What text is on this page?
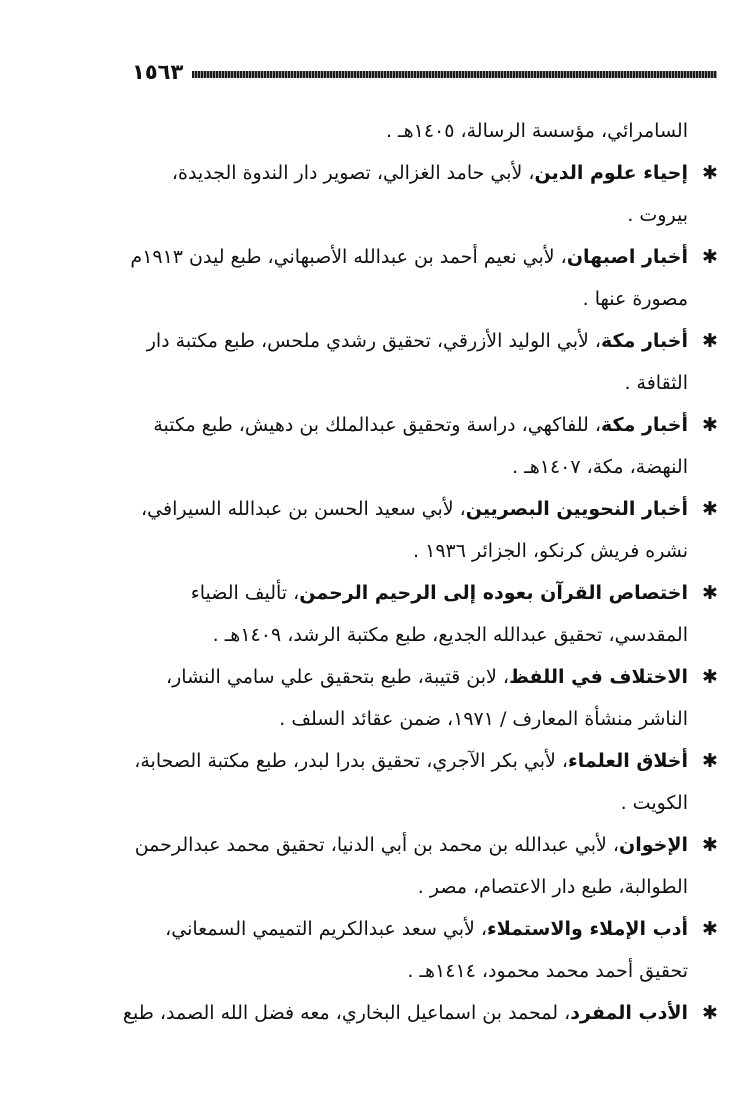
١٥٦٣

السامرائي، مؤسسة الرسالة، ١٤٠٥هـ .

✱
إحياء علوم الدين، لأبي حامد الغزالي، تصوير دار الندوة الجديدة، بيروت .

✱
أخبار اصبهان، لأبي نعيم أحمد بن عبدالله الأصبهاني، طبع ليدن ١٩١٣م مصورة عنها .

✱
أخبار مكة، لأبي الوليد الأزرقي، تحقيق رشدي ملحس، طبع مكتبة دار الثقافة .

✱
أخبار مكة، للفاكهي، دراسة وتحقيق عبدالملك بن دهيش، طبع مكتبة النهضة، مكة، ١٤٠٧هـ .

✱
أخبار النحويين البصريين، لأبي سعيد الحسن بن عبدالله السيرافي، نشره فريش كرنكو، الجزائر ١٩٣٦ .

✱
اختصاص القرآن بعوده إلى الرحيم الرحمن، تأليف الضياء المقدسي، تحقيق عبدالله الجديع، طبع مكتبة الرشد، ١٤٠٩هـ .

✱
الاختلاف في اللفظ، لابن قتيبة، طبع بتحقيق علي سامي النشار، الناشر منشأة المعارف / ١٩٧١، ضمن عقائد السلف .

✱
أخلاق العلماء، لأبي بكر الآجري، تحقيق بدرا لبدر، طبع مكتبة الصحابة، الكويت .

✱
الإخوان، لأبي عبدالله بن محمد بن أبي الدنيا، تحقيق محمد عبدالرحمن الطوالبة، طبع دار الاعتصام، مصر .

✱
أدب الإملاء والاستملاء، لأبي سعد عبدالكريم التميمي السمعاني، تحقيق أحمد محمد محمود، ١٤١٤هـ .

✱
الأدب المفرد، لمحمد بن اسماعيل البخاري، معه فضل الله الصمد، طبع
